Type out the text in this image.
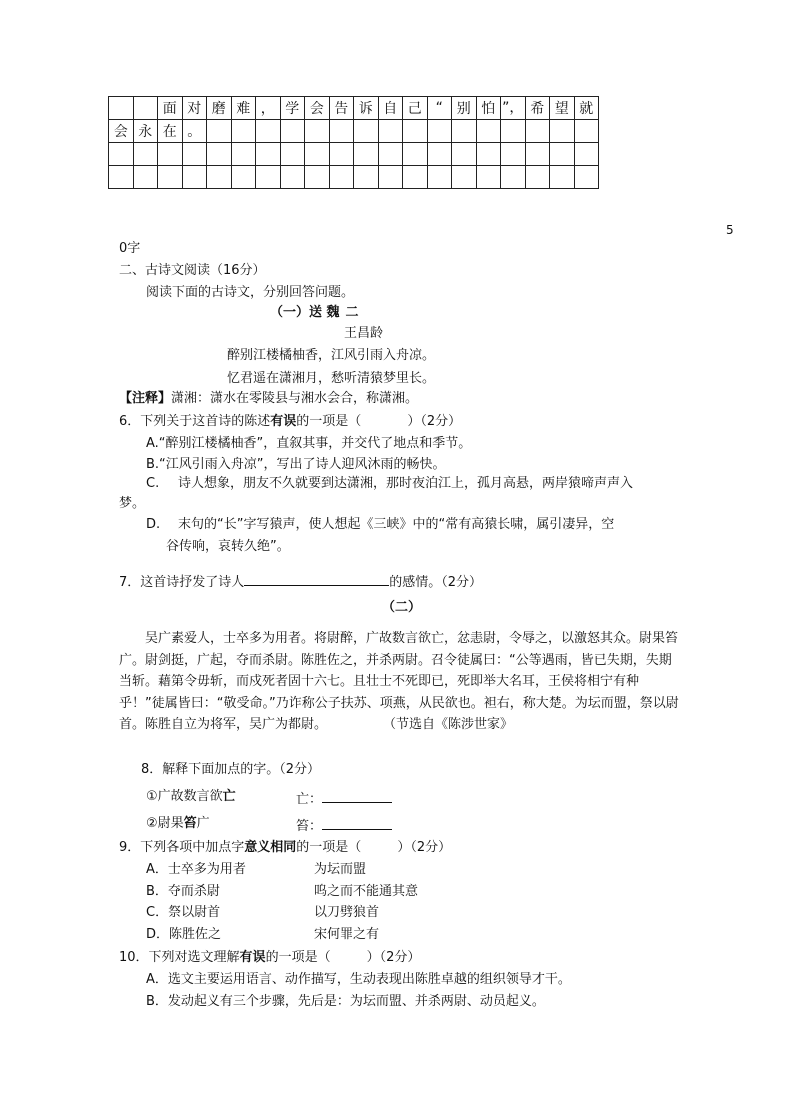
		面	对	磨	难	，	学	会	告	诉	自	己	“	别	怕	”，	希	望	就
会	永	在	。																

5
0字
二、古诗文阅读（16分）
阅读下面的古诗文，分别回答问题。
（一）送 魏二
王昌龄
醉别江楼橘柚香，江风引雨入舟凉。
忆君遥在潇湘月，愁听清猿梦里长。
【注释】潇湘：潇水在零陵县与湘水会合，称潇湘。
6．下列关于这首诗的陈述有误的一项是（	）（2分）
A.“醉别江楼橘柚香”，直叙其事，并交代了地点和季节。
B.“江风引雨入舟凉”，写出了诗人迎风沐雨的畅快。
C. 诗人想象，朋友不久就要到达潇湘，那时夜泊江上，孤月高悬，两岸猿啼声声入
梦。
D. 末句的“长”字写猿声，使人想起《三峡》中的“常有高猿长啸，属引凄异，空
谷传响，哀转久绝”。
7．这首诗抒发了诗人	的感情。（2分）
（二）
吴广素爱人，士卒多为用者。将尉醉，广故数言欲亡，忿恚尉，令辱之，以激怒其众。尉果笞广。尉剑挺，广起，夺而杀尉。陈胜佐之，并杀两尉。召令徒属曰：“公等遇雨，皆已失期，失期当斩。藉第令毋斩，而戍死者固十六七。且壮士不死即已，死即举大名耳，王侯将相宁有种乎！”徒属皆曰：“敬受命。”乃诈称公子扶苏、项燕，从民欲也。袒右，称大楚。为坛而盟，祭以尉首。陈胜自立为将军，吴广为都尉。	（节选自《陈涉世家》
8．解释下面加点的字。（2分）
①广故数言欲亡	亡：
②尉果笞广	笞：
9．下列各项中加点字意义相同的一项是（	）（2分）
A．士卒多为用者	为坛而盟
B．夺而杀尉	呜之而不能通其意
C．祭以尉首	以刀劈狼首
D．陈胜佐之	宋何罪之有
10．下列对选文理解有误的一项是（	）（2分）
A．选文主要运用语言、动作描写，生动表现出陈胜卓越的组织领导才干。
B．发动起义有三个步骤，先后是：为坛而盟、并杀两尉、动员起义。
